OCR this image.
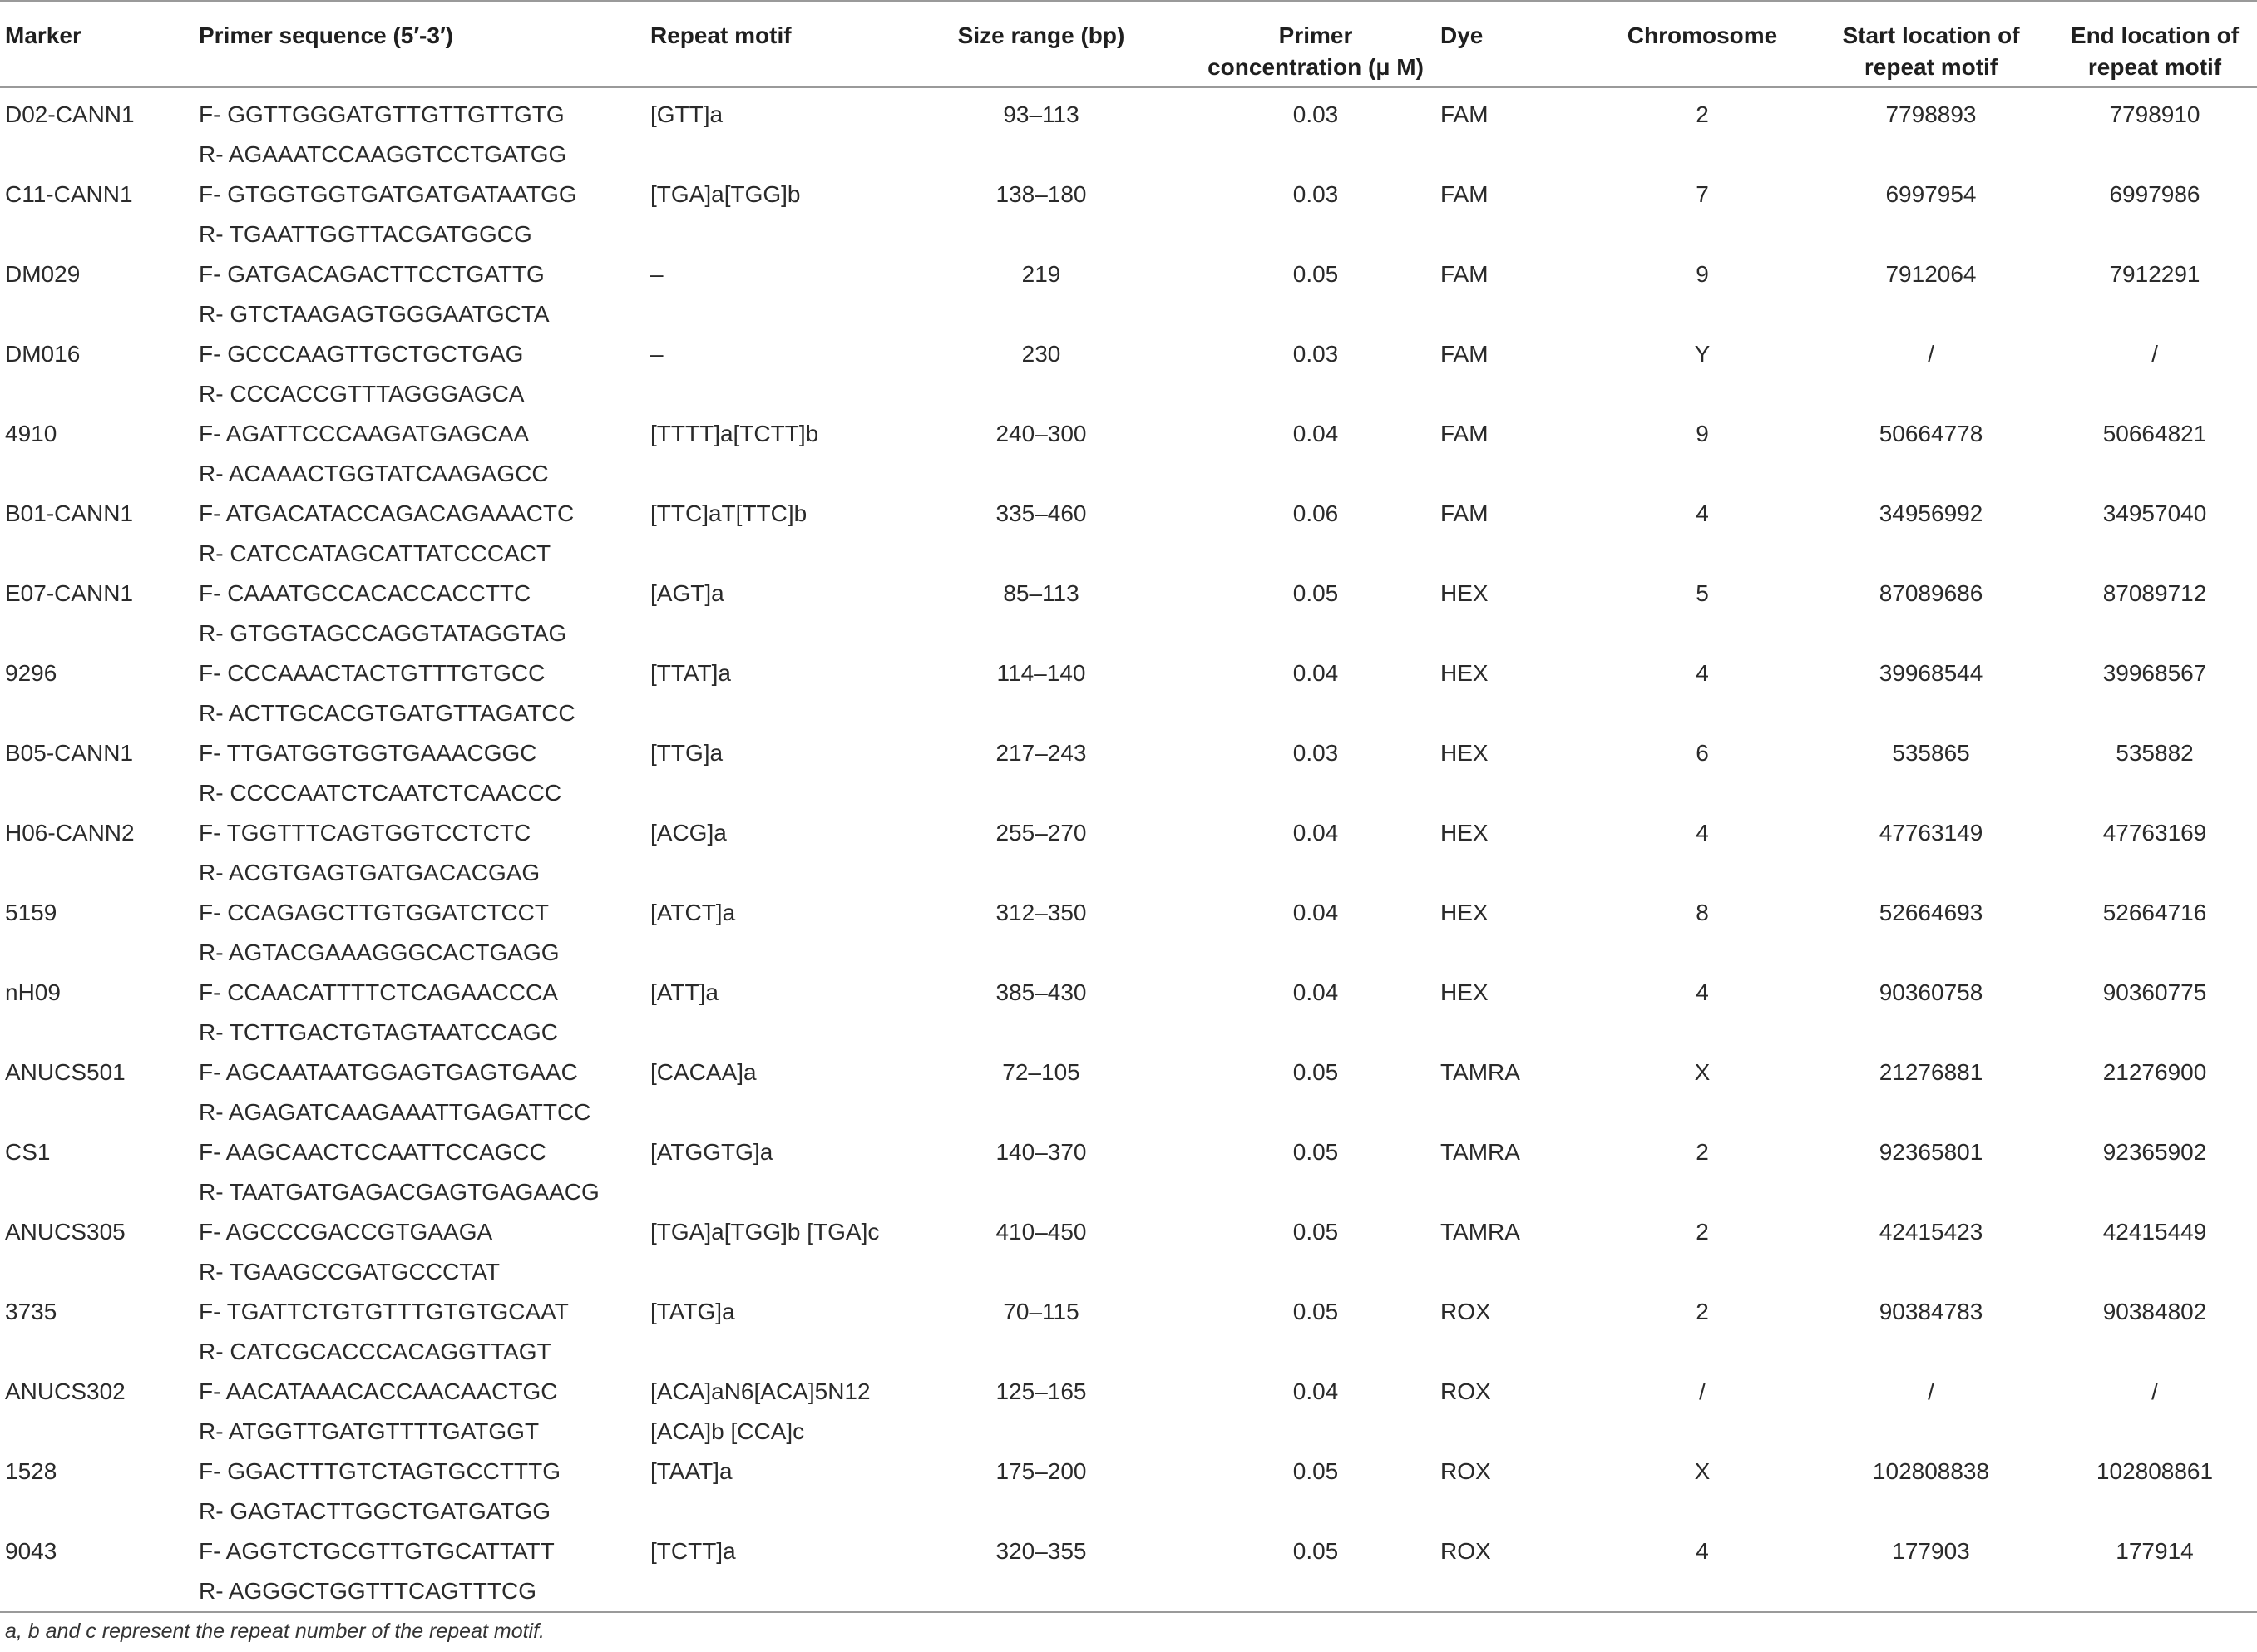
Marker	Primer sequence (5′-3′)	Repeat motif	Size range (bp)	Primer
concentration (μ M)	Dye	Chromosome	Start location of
repeat motif	End location of
repeat motif

D02-CANN1	F- GGTTGGGATGTTGTTGTTGTG
R- AGAAATCCAAGGTCCTGATGG	[GTT]a	93–113	0.03	FAM	2	7798893	7798910
C11-CANN1	F- GTGGTGGTGATGATGATAATGG
R- TGAATTGGTTACGATGGCG	[TGA]a[TGG]b	138–180	0.03	FAM	7	6997954	6997986
DM029	F- GATGACAGACTTCCTGATTG
R- GTCTAAGAGTGGGAATGCTA	–	219	0.05	FAM	9	7912064	7912291
DM016	F- GCCCAAGTTGCTGCTGAG
R- CCCACCGTTTAGGGAGCA	–	230	0.03	FAM	Y	/	/
4910	F- AGATTCCCAAGATGAGCAA
R- ACAAACTGGTATCAAGAGCC	[TTTT]a[TCTT]b	240–300	0.04	FAM	9	50664778	50664821
B01-CANN1	F- ATGACATACCAGACAGAAACTC
R- CATCCATAGCATTATCCCACT	[TTC]aT[TTC]b	335–460	0.06	FAM	4	34956992	34957040
E07-CANN1	F- CAAATGCCACACCACCTTC
R- GTGGTAGCCAGGTATAGGTAG	[AGT]a	85–113	0.05	HEX	5	87089686	87089712
9296	F- CCCAAACTACTGTTTGTGCC
R- ACTTGCACGTGATGTTAGATCC	[TTAT]a	114–140	0.04	HEX	4	39968544	39968567
B05-CANN1	F- TTGATGGTGGTGAAACGGC
R- CCCCAATCTCAATCTCAACCC	[TTG]a	217–243	0.03	HEX	6	535865	535882
H06-CANN2	F- TGGTTTCAGTGGTCCTCTC
R- ACGTGAGTGATGACACGAG	[ACG]a	255–270	0.04	HEX	4	47763149	47763169
5159	F- CCAGAGCTTGTGGATCTCCT
R- AGTACGAAAGGGCACTGAGG	[ATCT]a	312–350	0.04	HEX	8	52664693	52664716
nH09	F- CCAACATTTTCTCAGAACCCA
R- TCTTGACTGTAGTAATCCAGC	[ATT]a	385–430	0.04	HEX	4	90360758	90360775
ANUCS501	F- AGCAATAATGGAGTGAGTGAAC
R- AGAGATCAAGAAATTGAGATTCC	[CACAA]a	72–105	0.05	TAMRA	X	21276881	21276900
CS1	F- AAGCAACTCCAATTCCAGCC
R- TAATGATGAGACGAGTGAGAACG	[ATGGTG]a	140–370	0.05	TAMRA	2	92365801	92365902
ANUCS305	F- AGCCCGACCGTGAAGA
R- TGAAGCCGATGCCCTAT	[TGA]a[TGG]b [TGA]c	410–450	0.05	TAMRA	2	42415423	42415449
3735	F- TGATTCTGTGTTTGTGTGCAAT
R- CATCGCACCCACAGGTTAGT	[TATG]a	70–115	0.05	ROX	2	90384783	90384802
ANUCS302	F- AACATAAACACCAACAACTGC
R- ATGGTTGATGTTTTGATGGT	[ACA]aN6[ACA]5N12
[ACA]b [CCA]c	125–165	0.04	ROX	/	/	/
1528	F- GGACTTTGTCTAGTGCCTTTG
R- GAGTACTTGGCTGATGATGG	[TAAT]a	175–200	0.05	ROX	X	102808838	102808861
9043	F- AGGTCTGCGTTGTGCATTATT
R- AGGGCTGGTTTCAGTTTCG	[TCTT]a	320–355	0.05	ROX	4	177903	177914
a, b and c represent the repeat number of the repeat motif.
